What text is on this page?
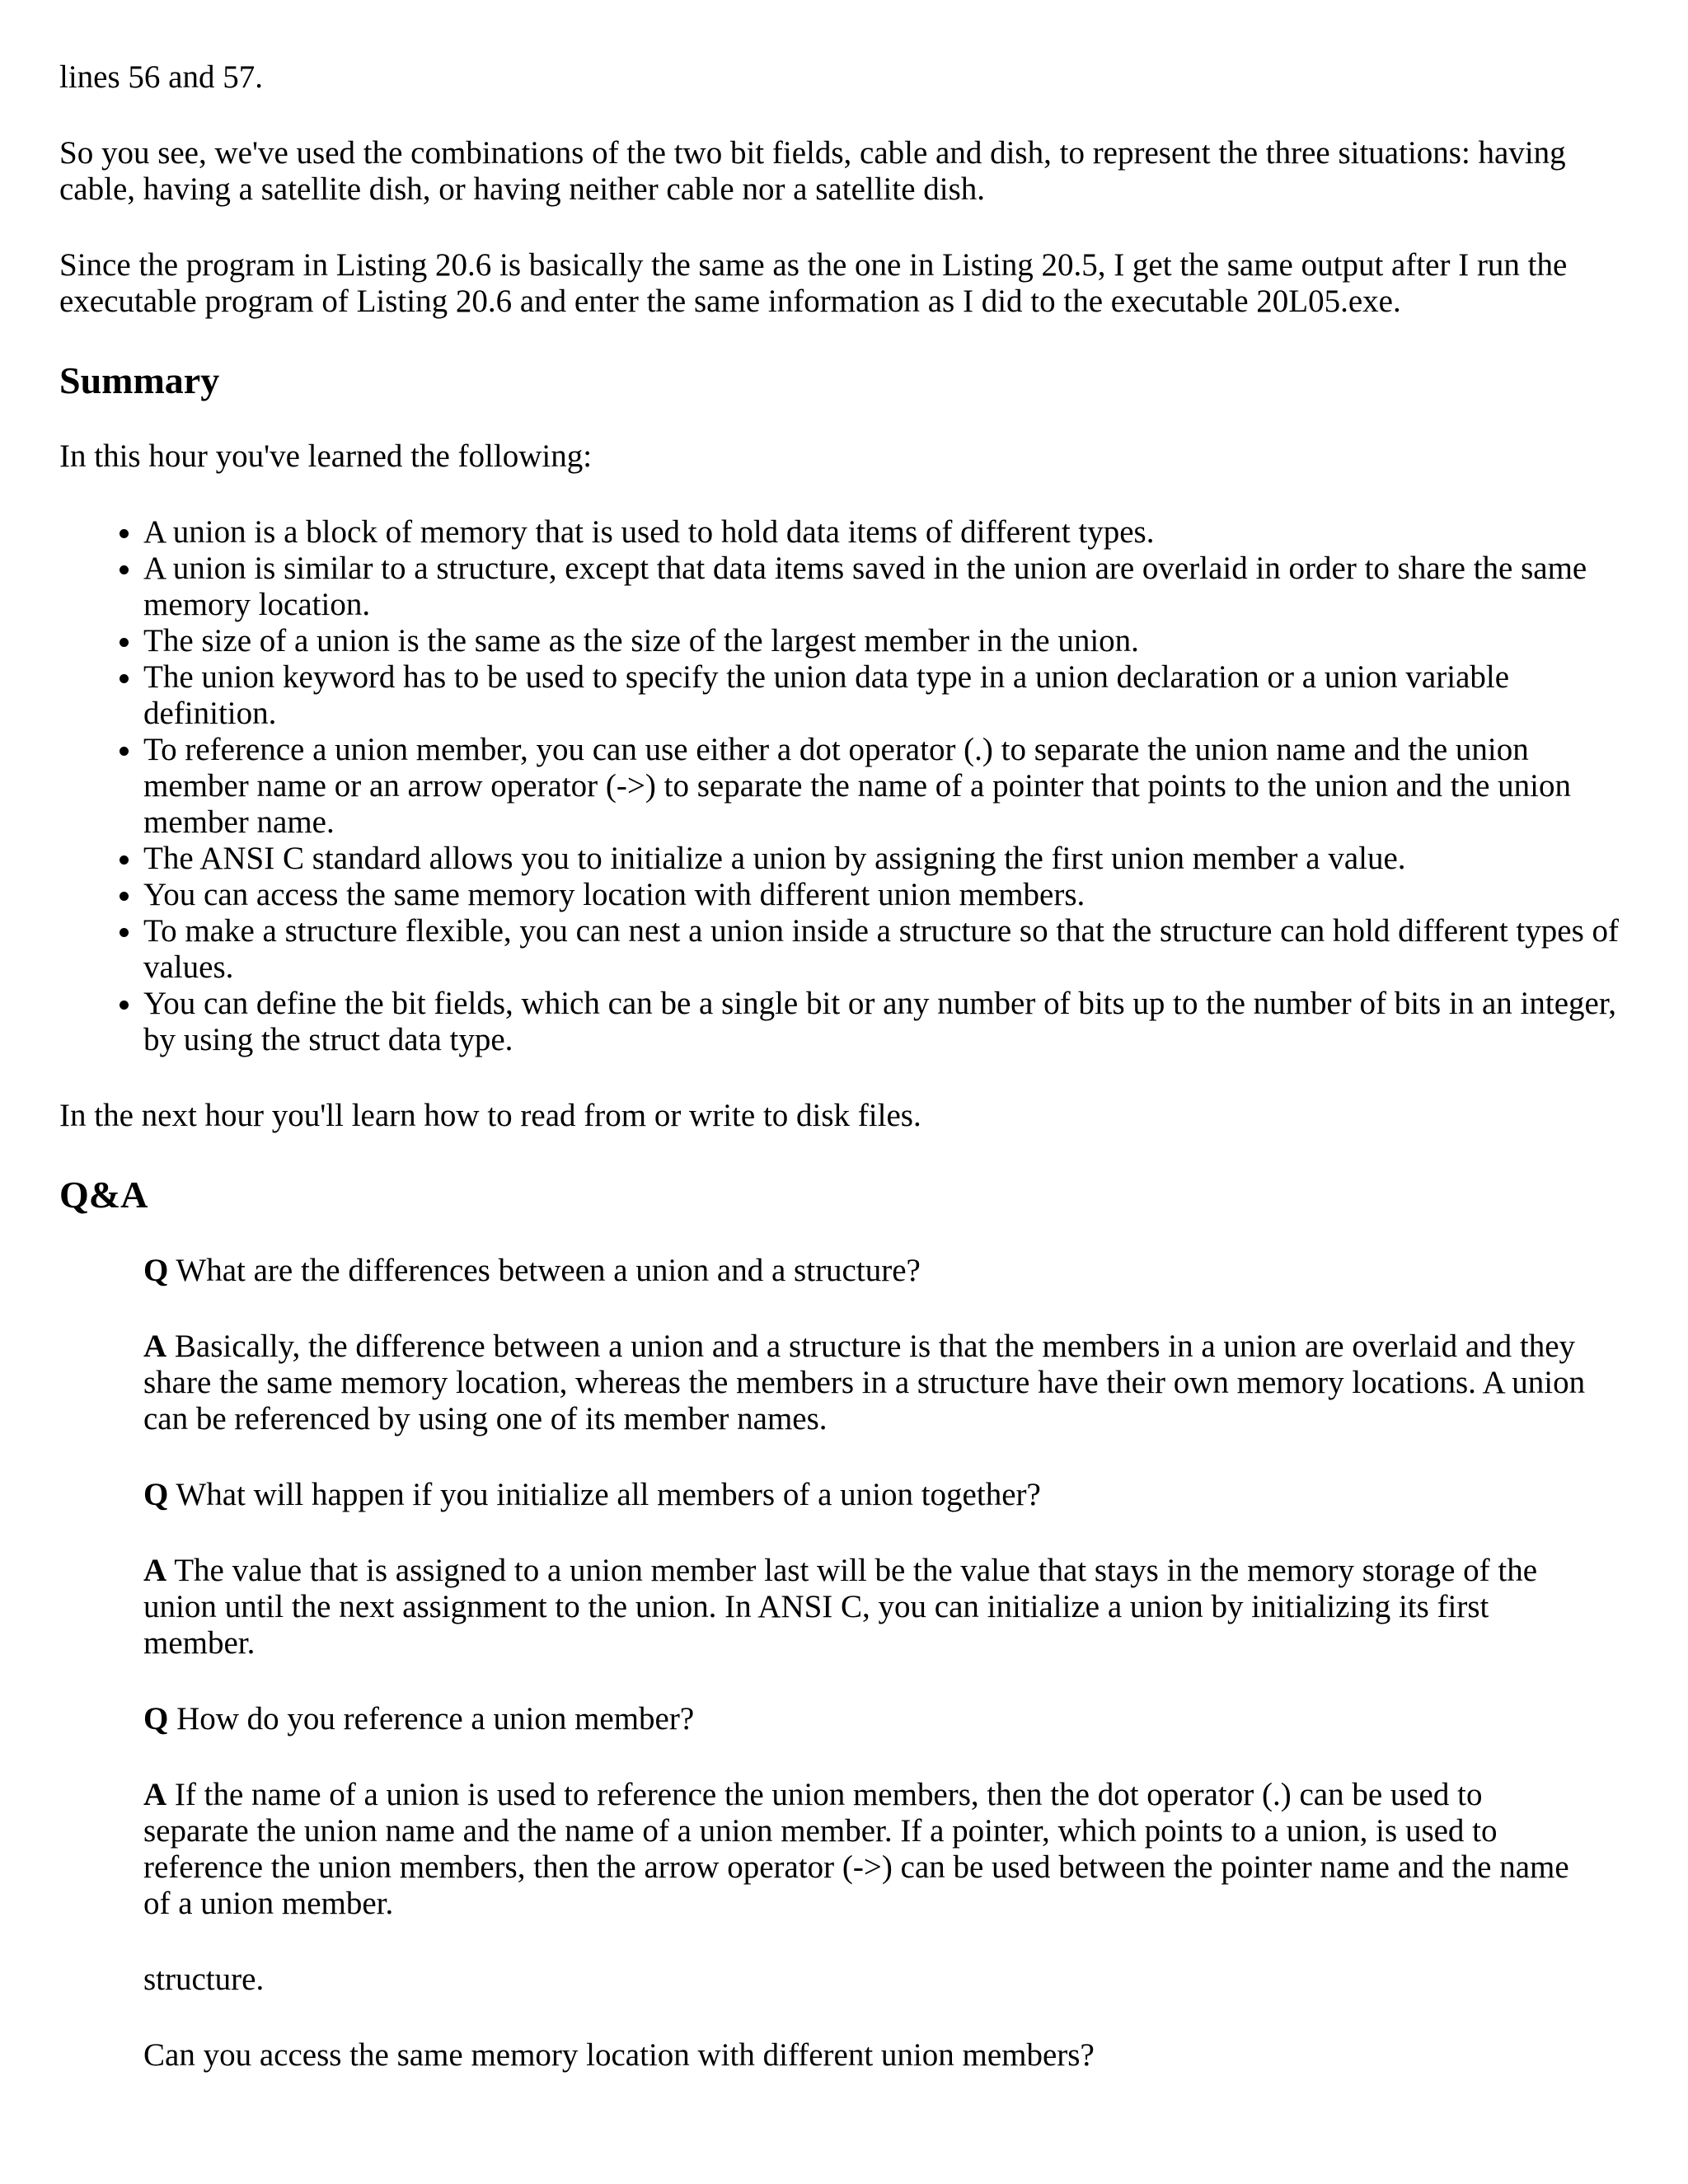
lines 56 and 57.

So you see, we've used the combinations of the two bit fields, cable and dish, to represent the three situations: having cable, having a satellite dish, or having neither cable nor a satellite dish.

Since the program in Listing 20.6 is basically the same as the one in Listing 20.5, I get the same output after I run the executable program of Listing 20.6 and enter the same information as I did to the executable 20L05.exe.

Summary

In this hour you've learned the following:

• A union is a block of memory that is used to hold data items of different types.
• A union is similar to a structure, except that data items saved in the union are overlaid in order to share the same memory location.
• The size of a union is the same as the size of the largest member in the union.
• The union keyword has to be used to specify the union data type in a union declaration or a union variable definition.
• To reference a union member, you can use either a dot operator (.) to separate the union name and the union member name or an arrow operator (->) to separate the name of a pointer that points to the union and the union member name.
• The ANSI C standard allows you to initialize a union by assigning the first union member a value.
• You can access the same memory location with different union members.
• To make a structure flexible, you can nest a union inside a structure so that the structure can hold different types of values.
• You can define the bit fields, which can be a single bit or any number of bits up to the number of bits in an integer, by using the struct data type.

In the next hour you'll learn how to read from or write to disk files.

Q&A

Q What are the differences between a union and a structure?

A Basically, the difference between a union and a structure is that the members in a union are overlaid and they share the same memory location, whereas the members in a structure have their own memory locations. A union can be referenced by using one of its member names.

Q What will happen if you initialize all members of a union together?

A The value that is assigned to a union member last will be the value that stays in the memory storage of the union until the next assignment to the union. In ANSI C, you can initialize a union by initializing its first member.

Q How do you reference a union member?

A If the name of a union is used to reference the union members, then the dot operator (.) can be used to separate the union name and the name of a union member. If a pointer, which points to a union, is used to reference the union members, then the arrow operator (->) can be used between the pointer name and the name of a union member.

structure.

Can you access the same memory location with different union members?
